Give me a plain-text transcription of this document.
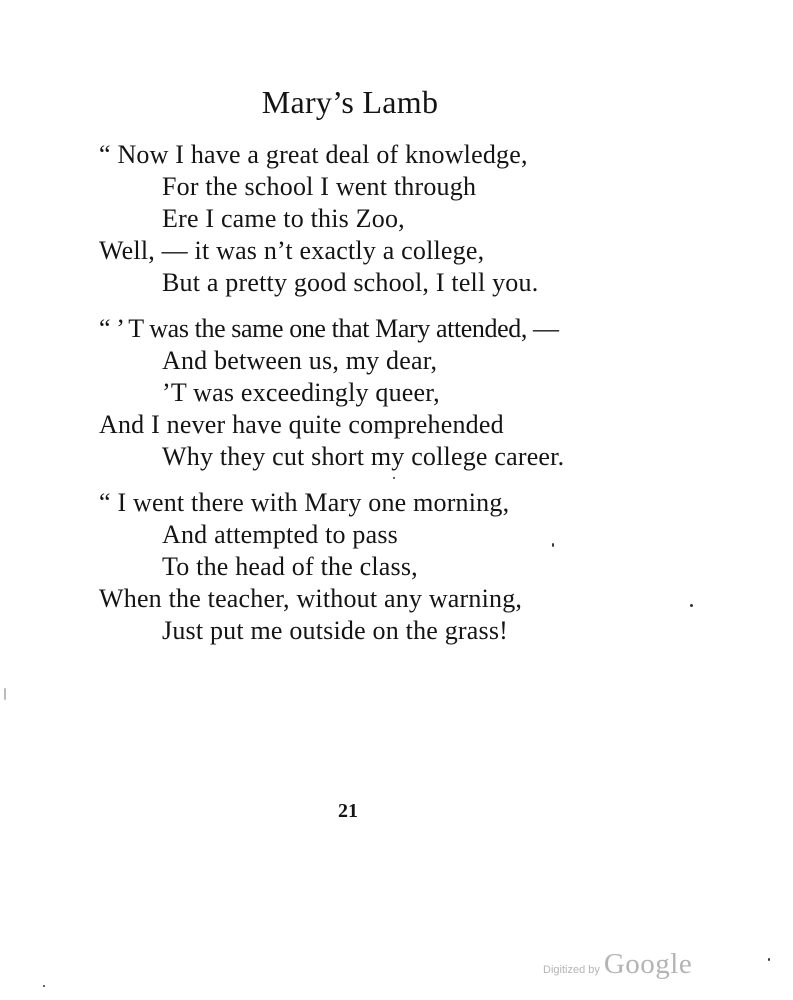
Mary’s Lamb
“ Now I have a great deal of knowledge,
For the school I went through
Ere I came to this Zoo,
Well, — it was n’t exactly a college,
But a pretty good school, I tell you.
“ ’ T was the same one that Mary attended, —
And between us, my dear,
’T was exceedingly queer,
And I never have quite comprehended
Why they cut short my college career.
“ I went there with Mary one morning,
And attempted to pass
To the head of the class,
When the teacher, without any warning,
Just put me outside on the grass!
21
Digitized by Google
